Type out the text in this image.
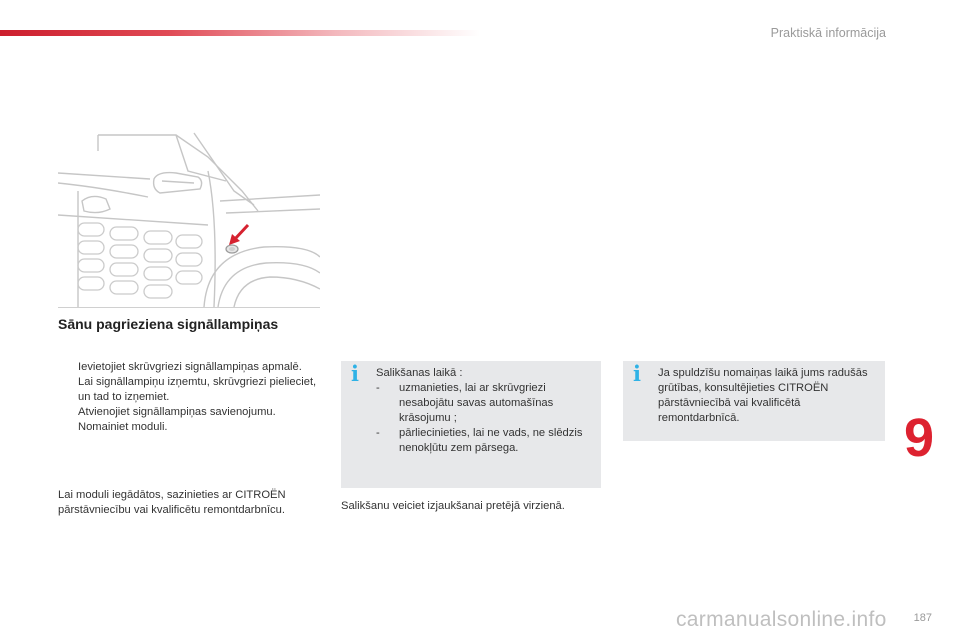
Praktiskā informācija
Sānu pagrieziena signāllampiņas
Ievietojiet skrūvgriezi signāllampiņas apmalē.
Lai signāllampiņu izņemtu, skrūvgriezi pielieciet, un tad to izņemiet.
Atvienojiet signāllampiņas savienojumu.
Nomainiet moduli.
Lai moduli iegādātos, sazinieties ar CITROËN pārstāvniecību vai kvalificētu remontdarbnīcu.
i Salikšanas laikā :
- uzmanieties, lai ar skrūvgriezi nesabojātu savas automašīnas krāsojumu ;
- pārliecinieties, lai ne vads, ne slēdzis nenokļūtu zem pārsega.
Salikšanu veiciet izjaukšanai pretējā virzienā.
i Ja spuldzīšu nomaiņas laikā jums radušās grūtības, konsultējieties CITROËN pārstāvniecībā vai kvalificētā remontdarbnīcā.	9
carmanualsonline.info 187
